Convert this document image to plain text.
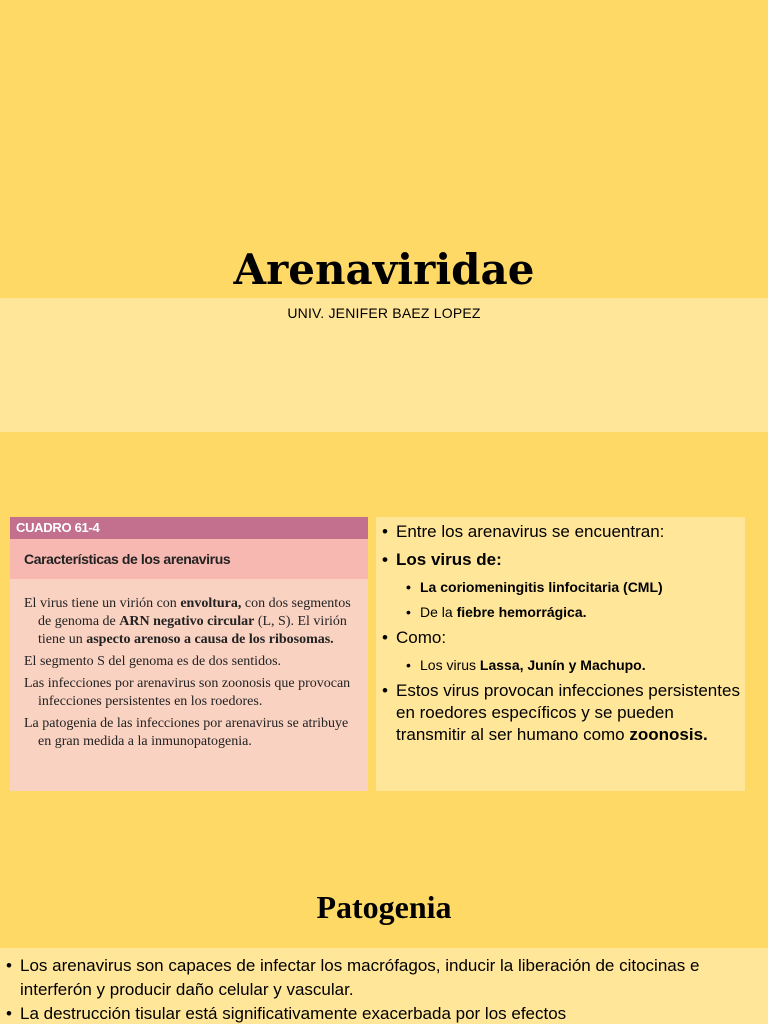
Arenaviridae
UNIV. JENIFER BAEZ LOPEZ
CUADRO 61-4
Características de los arenavirus

El virus tiene un virión con envoltura, con dos segmentos de genoma de ARN negativo circular (L, S). El virión tiene un aspecto arenoso a causa de los ribosomas.

El segmento S del genoma es de dos sentidos.

Las infecciones por arenavirus son zoonosis que provocan infecciones persistentes en los roedores.

La patogenia de las infecciones por arenavirus se atribuye en gran medida a la inmunopatogenia.

• Entre los arenavirus se encuentran:
• Los virus de:
• La coriomeningitis linfocitaria (CML)
• De la fiebre hemorrágica.
• Como:
• Los virus Lassa, Junín y Machupo.
• Estos virus provocan infecciones persistentes en roedores específicos y se pueden transmitir al ser humano como zoonosis.
Patogenia
• Los arenavirus son capaces de infectar los macrófagos, inducir la liberación de citocinas e interferón y producir daño celular y vascular.
• La destrucción tisular está significativamente exacerbada por los efectos
